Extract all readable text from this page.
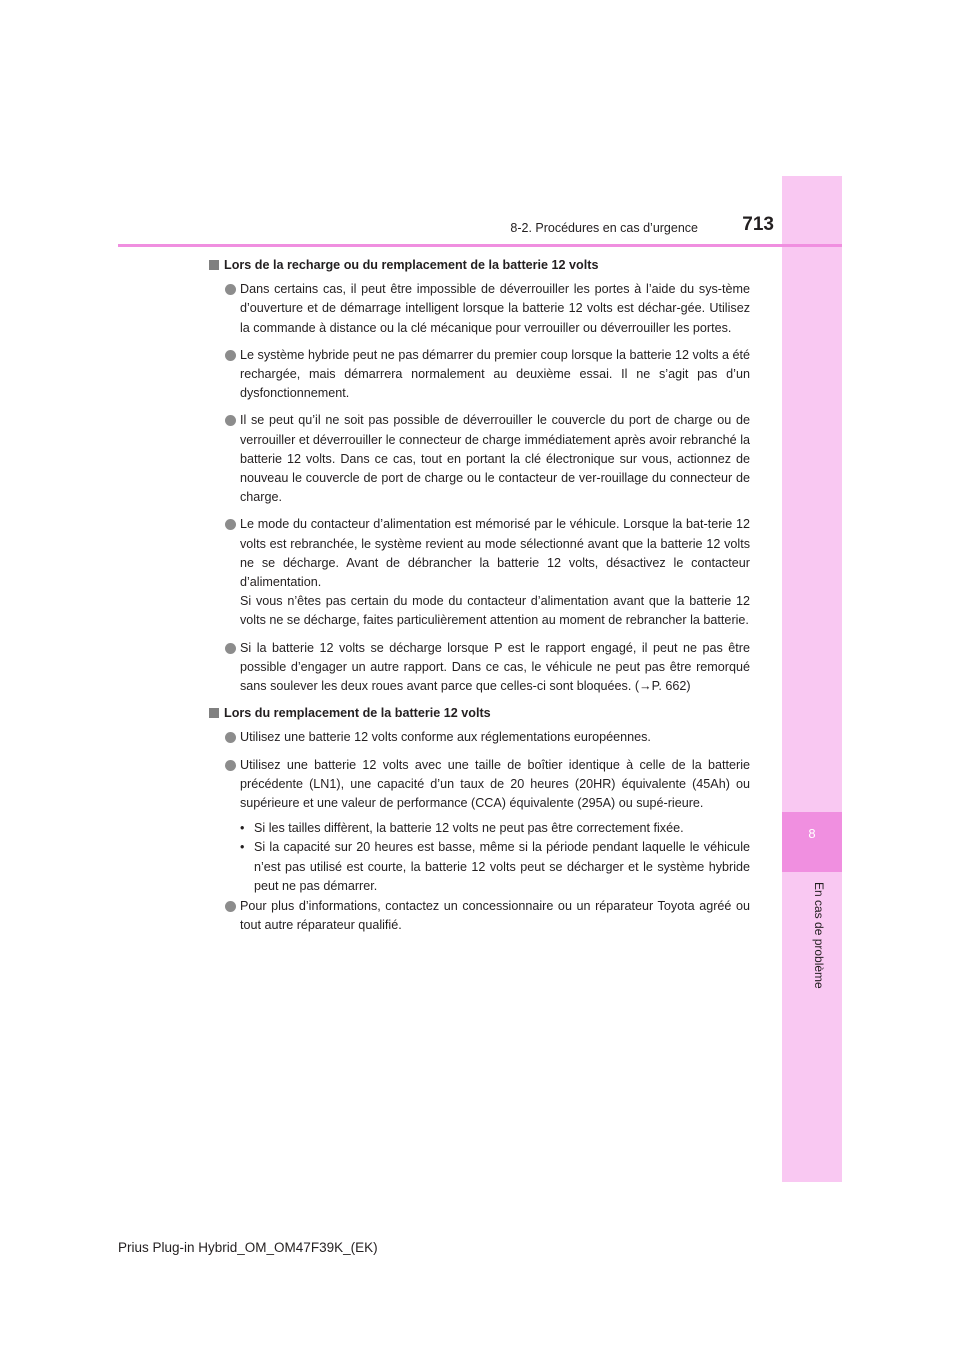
8
En cas de problème
8-2. Procédures en cas d’urgence	713
Lors de la recharge ou du remplacement de la batterie 12 volts
Dans certains cas, il peut être impossible de déverrouiller les portes à l’aide du sys-tème d’ouverture et de démarrage intelligent lorsque la batterie 12 volts est déchar-gée. Utilisez la commande à distance ou la clé mécanique pour verrouiller ou déverrouiller les portes.
Le système hybride peut ne pas démarrer du premier coup lorsque la batterie 12 volts a été rechargée, mais démarrera normalement au deuxième essai. Il ne s’agit pas d’un dysfonctionnement.
Il se peut qu’il ne soit pas possible de déverrouiller le couvercle du port de charge ou de verrouiller et déverrouiller le connecteur de charge immédiatement après avoir rebranché la batterie 12 volts. Dans ce cas, tout en portant la clé électronique sur vous, actionnez de nouveau le couvercle de port de charge ou le contacteur de ver-rouillage du connecteur de charge.
Le mode du contacteur d’alimentation est mémorisé par le véhicule. Lorsque la bat-terie 12 volts est rebranchée, le système revient au mode sélectionné avant que la batterie 12 volts ne se décharge. Avant de débrancher la batterie 12 volts, désactivez le contacteur d’alimentation.
Si vous n’êtes pas certain du mode du contacteur d’alimentation avant que la batterie 12 volts ne se décharge, faites particulièrement attention au moment de rebrancher la batterie.
Si la batterie 12 volts se décharge lorsque P est le rapport engagé, il peut ne pas être possible d’engager un autre rapport. Dans ce cas, le véhicule ne peut pas être remorqué sans soulever les deux roues avant parce que celles-ci sont bloquées. (→P. 662)
Lors du remplacement de la batterie 12 volts
Utilisez une batterie 12 volts conforme aux réglementations européennes.
Utilisez une batterie 12 volts avec une taille de boîtier identique à celle de la batterie précédente (LN1), une capacité d’un taux de 20 heures (20HR) équivalente (45Ah) ou supérieure et une valeur de performance (CCA) équivalente (295A) ou supé-rieure.
• Si les tailles diffèrent, la batterie 12 volts ne peut pas être correctement fixée.
• Si la capacité sur 20 heures est basse, même si la période pendant laquelle le véhicule n’est pas utilisé est courte, la batterie 12 volts peut se décharger et le système hybride peut ne pas démarrer.
Pour plus d’informations, contactez un concessionnaire ou un réparateur Toyota agréé ou tout autre réparateur qualifié.
Prius Plug-in Hybrid_OM_OM47F39K_(EK)
